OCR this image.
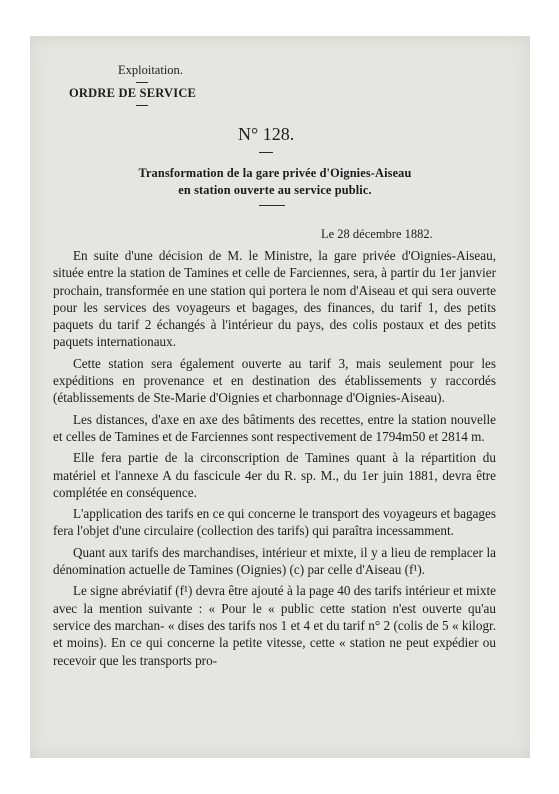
Exploitation.
ORDRE DE SERVICE
N° 128.
Transformation de la gare privée d'Oignies-Aiseau
en station ouverte au service public.
Le 28 décembre 1882.

En suite d'une décision de M. le Ministre, la gare privée d'Oignies-Aiseau, située entre la station de Tamines et celle de Farciennes, sera, à partir du 1er janvier prochain, transformée en une station qui portera le nom d'Aiseau et qui sera ouverte pour les services des voyageurs et bagages, des finances, du tarif 1, des petits paquets du tarif 2 échangés à l'intérieur du pays, des colis postaux et des petits paquets internationaux.

Cette station sera également ouverte au tarif 3, mais seulement pour les expéditions en provenance et en destination des établissements y raccordés (établissements de Ste-Marie d'Oignies et charbonnage d'Oignies-Aiseau).

Les distances, d'axe en axe des bâtiments des recettes, entre la station nouvelle et celles de Tamines et de Farciennes sont respectivement de 1794m50 et 2814 m.

Elle fera partie de la circonscription de Tamines quant à la répartition du matériel et l'annexe A du fascicule 4er du R. sp. M., du 1er juin 1881, devra être complétée en conséquence.

L'application des tarifs en ce qui concerne le transport des voyageurs et bagages fera l'objet d'une circulaire (collection des tarifs) qui paraîtra incessamment.

Quant aux tarifs des marchandises, intérieur et mixte, il y a lieu de remplacer la dénomination actuelle de Tamines (Oignies) (c) par celle d'Aiseau (f¹).

Le signe abréviatif (f¹) devra être ajouté à la page 40 des tarifs intérieur et mixte avec la mention suivante : « Pour le « public cette station n'est ouverte qu'au service des marchan- « dises des tarifs nos 1 et 4 et du tarif n° 2 (colis de 5 « kilogr. et moins). En ce qui concerne la petite vitesse, cette « station ne peut expédier ou recevoir que les transports pro-
